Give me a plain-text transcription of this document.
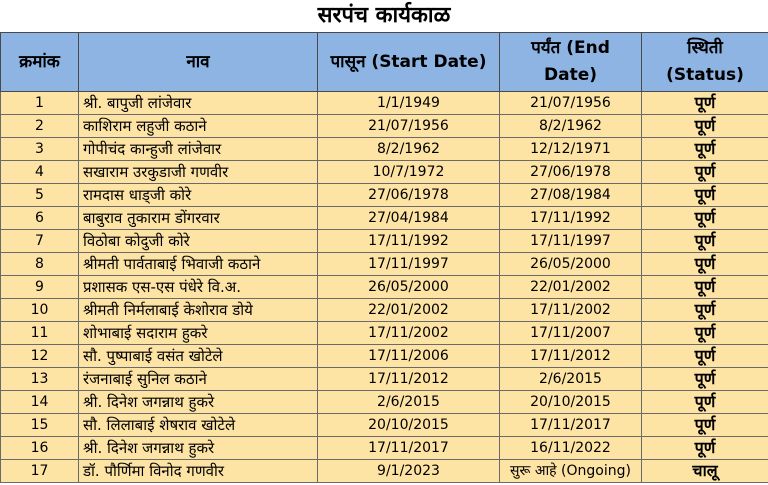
सरपंच कार्यकाळ
क्रमांक	नाव	पासून (Start Date)	पर्यंत (End Date)	स्थिती (Status)
1	श्री. बापुजी लांजेवार	1/1/1949	21/07/1956	पूर्ण
2	काशिराम लहुजी कठाने	21/07/1956	8/2/1962	पूर्ण
3	गोपीचंद कान्हुजी लांजेवार	8/2/1962	12/12/1971	पूर्ण
4	सखाराम उरकुडाजी गणवीर	10/7/1972	27/06/1978	पूर्ण
5	रामदास धाड्जी कोरे	27/06/1978	27/08/1984	पूर्ण
6	बाबुराव तुकाराम डोंगरवार	27/04/1984	17/11/1992	पूर्ण
7	विठोबा कोदुजी कोरे	17/11/1992	17/11/1997	पूर्ण
8	श्रीमती पार्वताबाई भिवाजी कठाने	17/11/1997	26/05/2000	पूर्ण
9	प्रशासक एस-एस पंधेरे वि.अ.	26/05/2000	22/01/2002	पूर्ण
10	श्रीमती निर्मलाबाई केशोराव डोये	22/01/2002	17/11/2002	पूर्ण
11	शोभाबाई सदाराम हुकरे	17/11/2002	17/11/2007	पूर्ण
12	सौ. पुष्पाबाई वसंत खोटेले	17/11/2006	17/11/2012	पूर्ण
13	रंजनाबाई सुनिल कठाने	17/11/2012	2/6/2015	पूर्ण
14	श्री. दिनेश जगन्नाथ हुकरे	2/6/2015	20/10/2015	पूर्ण
15	सौ. लिलाबाई शेषराव खोटेले	20/10/2015	17/11/2017	पूर्ण
16	श्री. दिनेश जगन्नाथ हुकरे	17/11/2017	16/11/2022	पूर्ण
17	डॉ. पौर्णिमा विनोद गणवीर	9/1/2023	सुरू आहे (Ongoing)	चालू
